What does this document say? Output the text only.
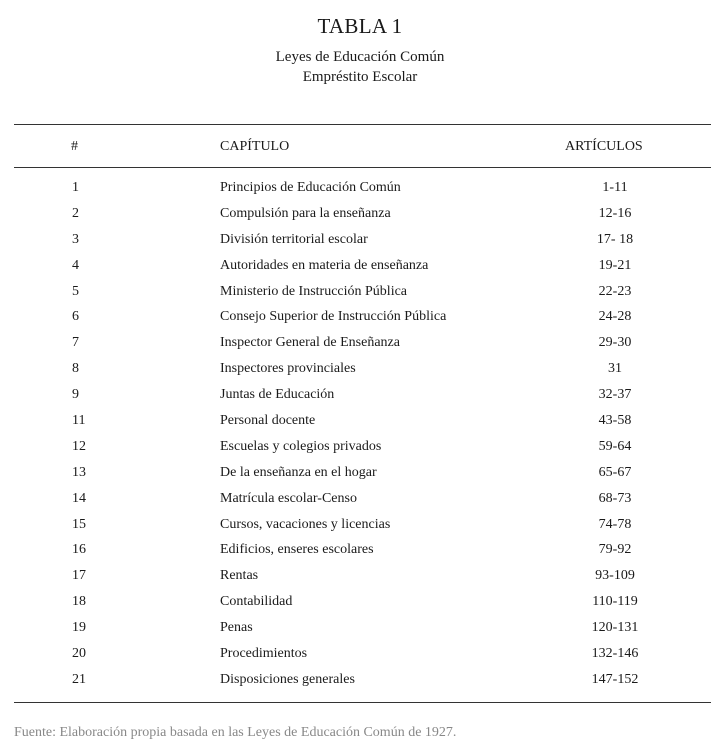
TABLA 1
Leyes de Educación Común
Empréstito Escolar
#	CAPÍTULO	ARTÍCULOS
1	Principios de Educación Común	1-11
2	Compulsión para la enseñanza	12-16
3	División territorial escolar	17- 18
4	Autoridades en materia de enseñanza	19-21
5	Ministerio de Instrucción Pública	22-23
6	Consejo Superior de Instrucción Pública	24-28
7	Inspector General de Enseñanza	29-30
8	Inspectores provinciales	31
9	Juntas de Educación	32-37
11	Personal docente	43-58
12	Escuelas y colegios privados	59-64
13	De la enseñanza en el hogar	65-67
14	Matrícula escolar-Censo	68-73
15	Cursos, vacaciones y licencias	74-78
16	Edificios, enseres escolares	79-92
17	Rentas	93-109
18	Contabilidad	110-119
19	Penas	120-131
20	Procedimientos	132-146
21	Disposiciones generales	147-152
Fuente: Elaboración propia basada en las Leyes de Educación Común de 1927.
